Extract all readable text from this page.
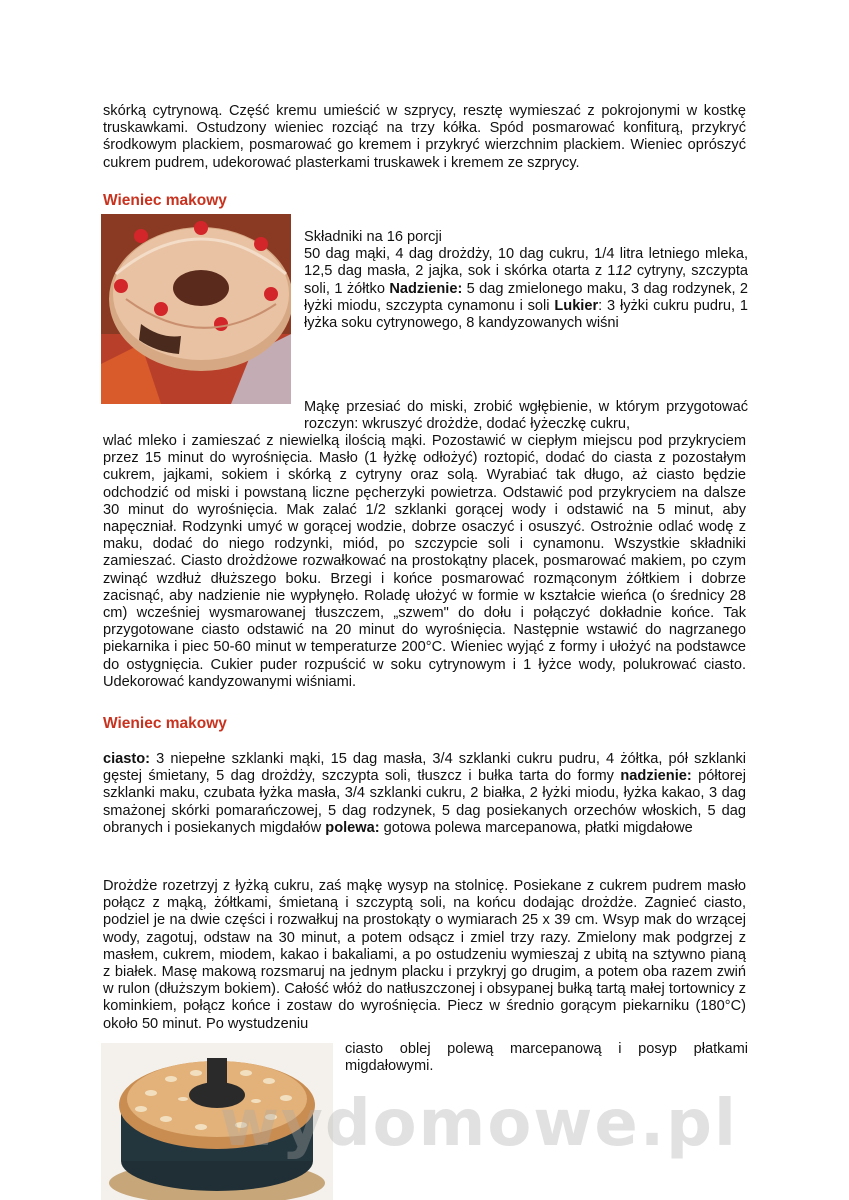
skórką cytrynową. Część kremu umieścić w szprycy, resztę wymieszać z pokrojonymi w kostkę truskawkami. Ostudzony wieniec rozciąć na trzy kółka. Spód posmarować konfiturą, przykryć środkowym plackiem, posmarować go kremem i przykryć wierzchnim plackiem. Wieniec oprószyć cukrem pudrem, udekorować plasterkami truskawek i kremem ze szprycy.

Wieniec makowy

Składniki na 16 porcji
50 dag mąki, 4 dag drożdży, 10 dag cukru, 1/4 litra letniego mleka, 12,5 dag masła, 2 jajka, sok i skórka otarta z 112 cytryny, szczypta soli, 1 żółtko Nadzienie: 5 dag zmielonego maku, 3 dag rodzynek, 2 łyżki miodu, szczypta cynamonu i soli Lukier: 3 łyżki cukru pudru, 1 łyżka soku cytrynowego, 8 kandyzowanych wiśni

Mąkę przesiać do miski, zrobić wgłębienie, w którym przygotować rozczyn: wkruszyć drożdże, dodać łyżeczkę cukru,

wlać mleko i zamieszać z niewielką ilością mąki. Pozostawić w ciepłym miejscu pod przykryciem przez 15 minut do wyrośnięcia. Masło (1 łyżkę odłożyć) roztopić, dodać do ciasta z pozostałym cukrem, jajkami, sokiem i skórką z cytryny oraz solą. Wyrabiać tak długo, aż ciasto będzie odchodzić od miski i powstaną liczne pęcherzyki powietrza. Odstawić pod przykryciem na dalsze 30 minut do wyrośnięcia. Mak zalać 1/2 szklanki gorącej wody i odstawić na 5 minut, aby napęczniał. Rodzynki umyć w gorącej wodzie, dobrze osaczyć i osuszyć. Ostrożnie odlać wodę z maku, dodać do niego rodzynki, miód, po szczypcie soli i cynamonu. Wszystkie składniki zamieszać. Ciasto drożdżowe rozwałkować na prostokątny placek, posmarować makiem, po czym zwinąć wzdłuż dłuższego boku. Brzegi i końce posmarować rozmąconym żółtkiem i dobrze zacisnąć, aby nadzienie nie wypłynęło. Roladę ułożyć w formie w kształcie wieńca (o średnicy 28 cm) wcześniej wysmarowanej tłuszczem, „szwem" do dołu i połączyć dokładnie końce. Tak przygotowane ciasto odstawić na 20 minut do wyrośnięcia. Następnie wstawić do nagrzanego piekarnika i piec 50-60 minut w temperaturze 200°C. Wieniec wyjąć z formy i ułożyć na podstawce do ostygnięcia. Cukier puder rozpuścić w soku cytrynowym i 1 łyżce wody, polukrować ciasto. Udekorować kandyzowanymi wiśniami.

Wieniec makowy

ciasto: 3 niepełne szklanki mąki, 15 dag masła, 3/4 szklanki cukru pudru, 4 żółtka, pół szklanki gęstej śmietany, 5 dag drożdży, szczypta soli, tłuszcz i bułka tarta do formy nadzienie: półtorej szklanki maku, czubata łyżka masła, 3/4 szklanki cukru, 2 białka, 2 łyżki miodu, łyżka kakao, 3 dag smażonej skórki pomarańczowej, 5 dag rodzynek, 5 dag posiekanych orzechów włoskich, 5 dag obranych i posiekanych migdałów polewa: gotowa polewa marcepanowa, płatki migdałowe

Drożdże rozetrzyj z łyżką cukru, zaś mąkę wysyp na stolnicę. Posiekane z cukrem pudrem masło połącz z mąką, żółtkami, śmietaną i szczyptą soli, na końcu dodając drożdże. Zagnieć ciasto, podziel je na dwie części i rozwałkuj na prostokąty o wymiarach 25 x 39 cm. Wsyp mak do wrzącej wody, zagotuj, odstaw na 30 minut, a potem odsącz i zmiel trzy razy. Zmielony mak podgrzej z masłem, cukrem, miodem, kakao i bakaliami, a po ostudzeniu wymieszaj z ubitą na sztywno pianą z białek. Masę makową rozsmaruj na jednym placku i przykryj go drugim, a potem oba razem zwiń w rulon (dłuższym bokiem). Całość włóż do natłuszczonej i obsypanej bułką tartą małej tortownicy z kominkiem, połącz końce i zostaw do wyrośnięcia. Piecz w średnio gorącym piekarniku (180°C) około 50 minut. Po wystudzeniu

ciasto oblej polewą marcepanową i posyp płatkami migdałowymi.

wydomowe.pl
